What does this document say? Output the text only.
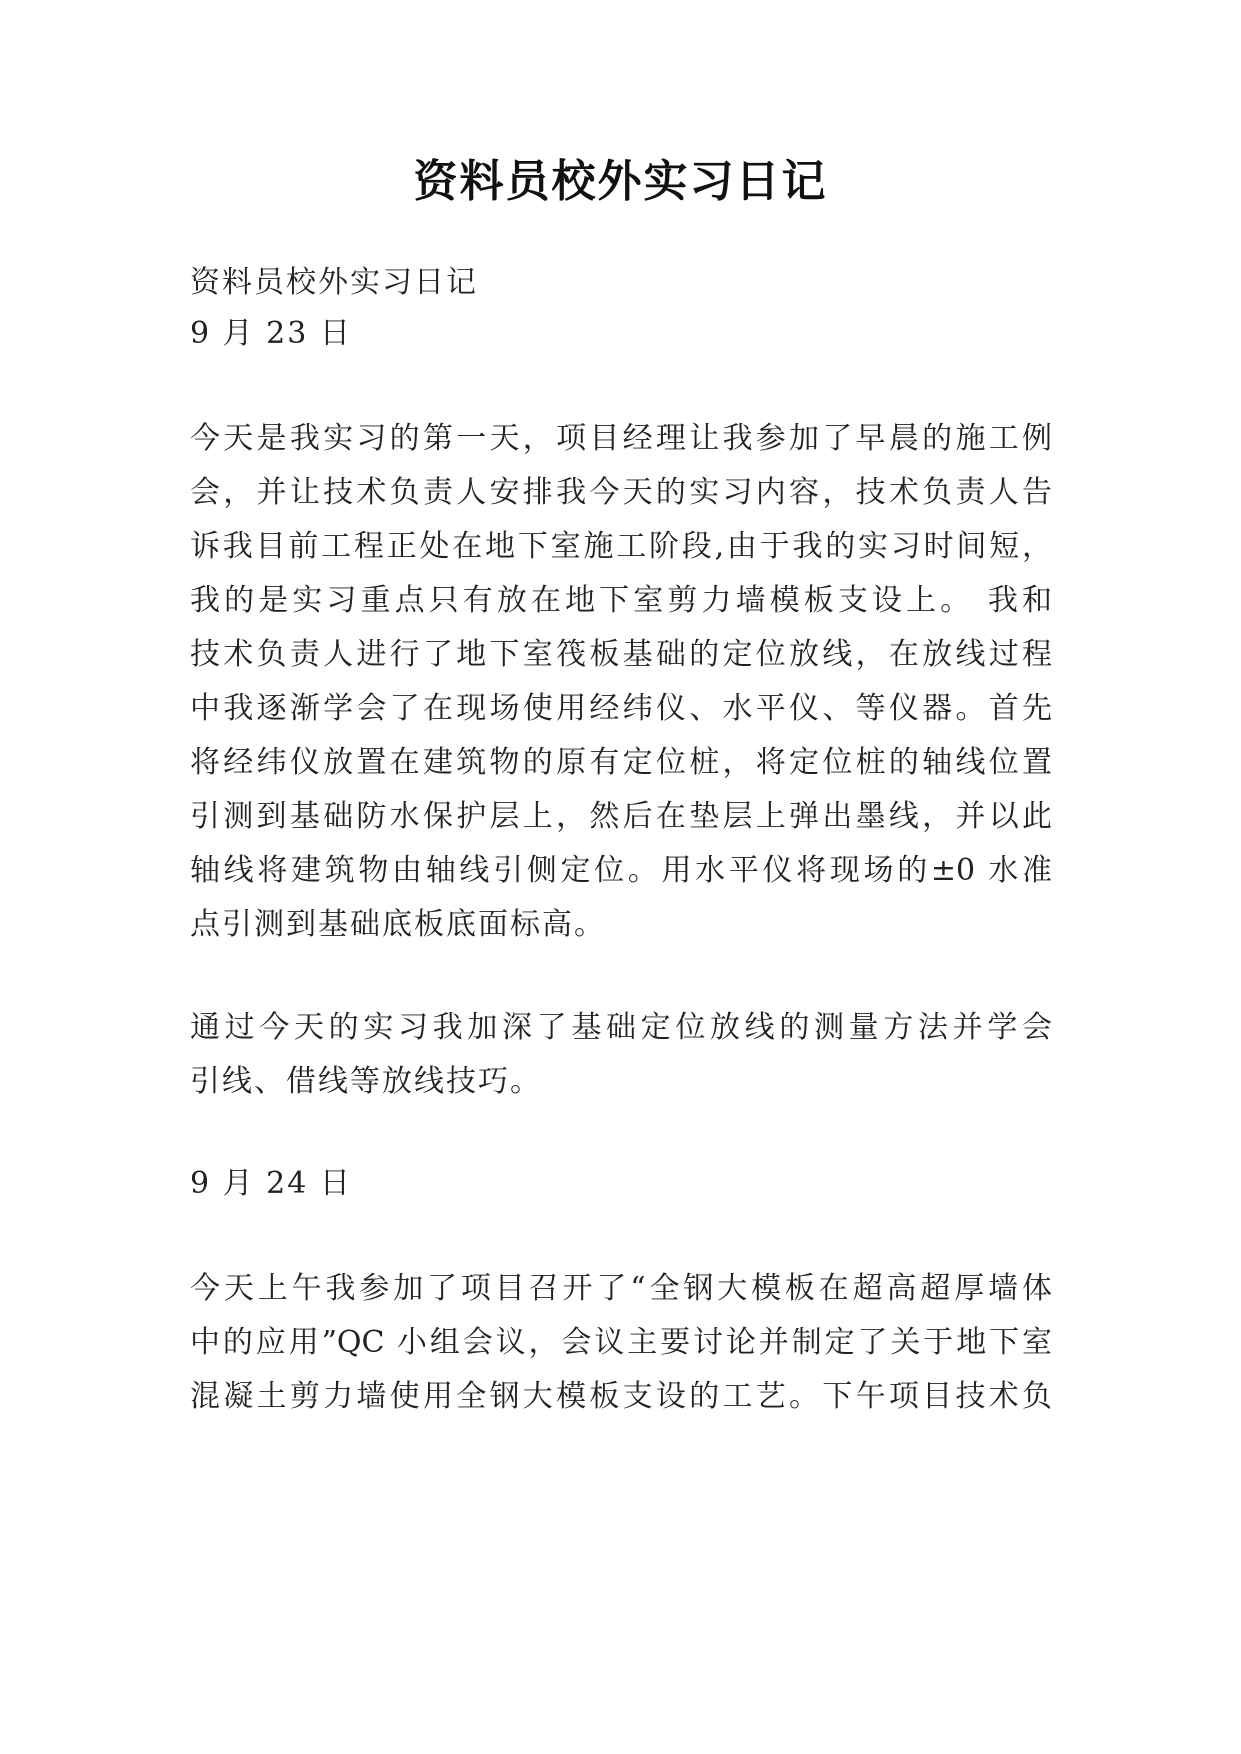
资料员校外实习日记
资料员校外实习日记
9 月 23 日
今天是我实习的第一天，项目经理让我参加了早晨的施工例
会，并让技术负责人安排我今天的实习内容，技术负责人告
诉我目前工程正处在地下室施工阶段,由于我的实习时间短，
我的是实习重点只有放在地下室剪力墙模板支设上。 我和
技术负责人进行了地下室筏板基础的定位放线，在放线过程
中我逐渐学会了在现场使用经纬仪、水平仪、等仪器。首先
将经纬仪放置在建筑物的原有定位桩，将定位桩的轴线位置
引测到基础防水保护层上，然后在垫层上弹出墨线，并以此
轴线将建筑物由轴线引侧定位。用水平仪将现场的±0 水准
点引测到基础底板底面标高。
通过今天的实习我加深了基础定位放线的测量方法并学会
引线、借线等放线技巧。
9 月 24 日
今天上午我参加了项目召开了“全钢大模板在超高超厚墙体
中的应用”QC 小组会议，会议主要讨论并制定了关于地下室
混凝土剪力墙使用全钢大模板支设的工艺。下午项目技术负
